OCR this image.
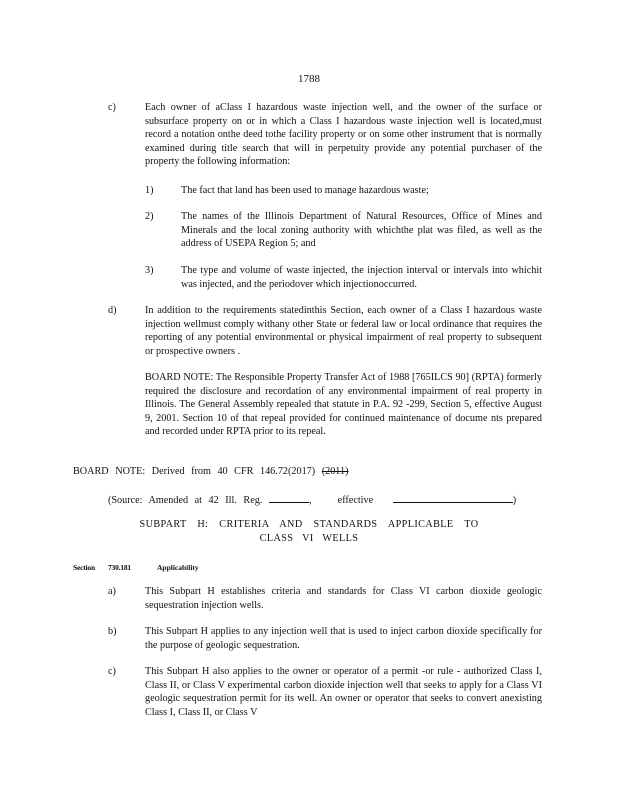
1788
c)	Each owner of aClass I hazardous waste injection well, and the owner of the surface or subsurface property on or in which a Class I hazardous waste injection well is located,must record a notation onthe deed tothe facility property or on some other instrument that is normally examined during title search that will in perpetuity provide any potential purchaser of the property the following information:
1)	The fact that land has been used to manage hazardous waste;
2)	The names of the Illinois Department of Natural Resources, Office of Mines and Minerals and the local zoning authority with whichthe plat was filed, as well as the address of USEPA Region 5; and
3)	The type and volume of waste injected, the injection interval or intervals into whichit was injected, and the periodover which injectionoccurred.
d)	In addition to the requirements statedinthis Section, each owner of a Class I hazardous waste injection wellmust comply withany other State or federal law or local ordinance that requires the reporting of any potential environmental or physical impairment of real property to subsequent or prospective owners .
BOARD NOTE: The Responsible Property Transfer Act of 1988 [765ILCS 90] (RPTA) formerly required the disclosure and recordation of any environmental impairment of real property in Illinois. The General Assembly repealed that statute in P.A. 92 -299, Section 5, effective August 9, 2001. Section 10 of that repeal provided for continued maintenance of docume nts prepared and recorded under RPTA prior to its repeal.
BOARD NOTE: Derived from 40 CFR 146.72(2017) (2011)
(Source: Amended at 42 Ill. Reg.	,	effective	)
SUBPART H: CRITERIA AND STANDARDS APPLICABLE TO
CLASS VI WELLS
Section 730.181	Applicability
a)	This Subpart H establishes criteria and standards for Class VI carbon dioxide geologic sequestration injection wells.
b)	This Subpart H applies to any injection well that is used to inject carbon dioxide specifically for the purpose of geologic sequestration.
c)	This Subpart H also applies to the owner or operator of a permit -or rule - authorized Class I, Class II, or Class V experimental carbon dioxide injection well that seeks to apply for a Class VI geologic sequestration permit for its well. An owner or operator that seeks to convert anexisting Class I, Class II, or Class V
